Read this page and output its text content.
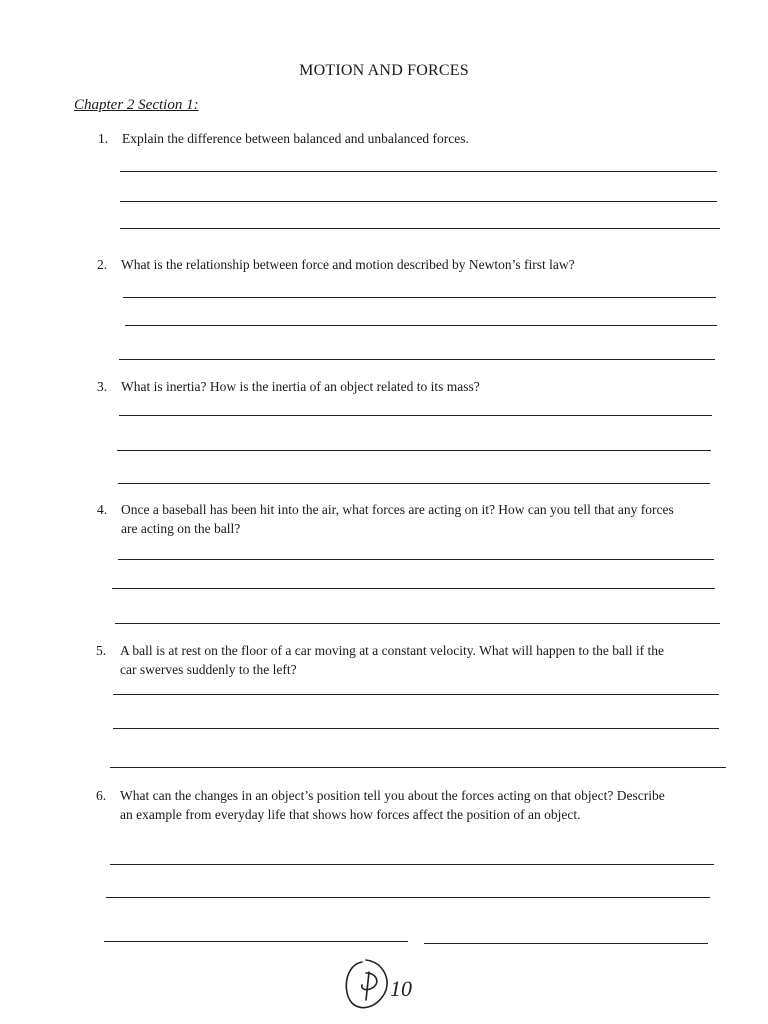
MOTION AND FORCES
Chapter 2 Section 1:
1.	Explain the difference between balanced and unbalanced forces.
2.	What is the relationship between force and motion described by Newton’s first law?
3.	What is inertia? How is the inertia of an object related to its mass?
4.	Once a baseball has been hit into the air, what forces are acting on it? How can you tell that any forces are acting on the ball?
5.	A ball is at rest on the floor of a car moving at a constant velocity. What will happen to the ball if the car swerves suddenly to the left?
6.	What can the changes in an object’s position tell you about the forces acting on that object? Describe an example from everyday life that shows how forces affect the position of an object.
10
